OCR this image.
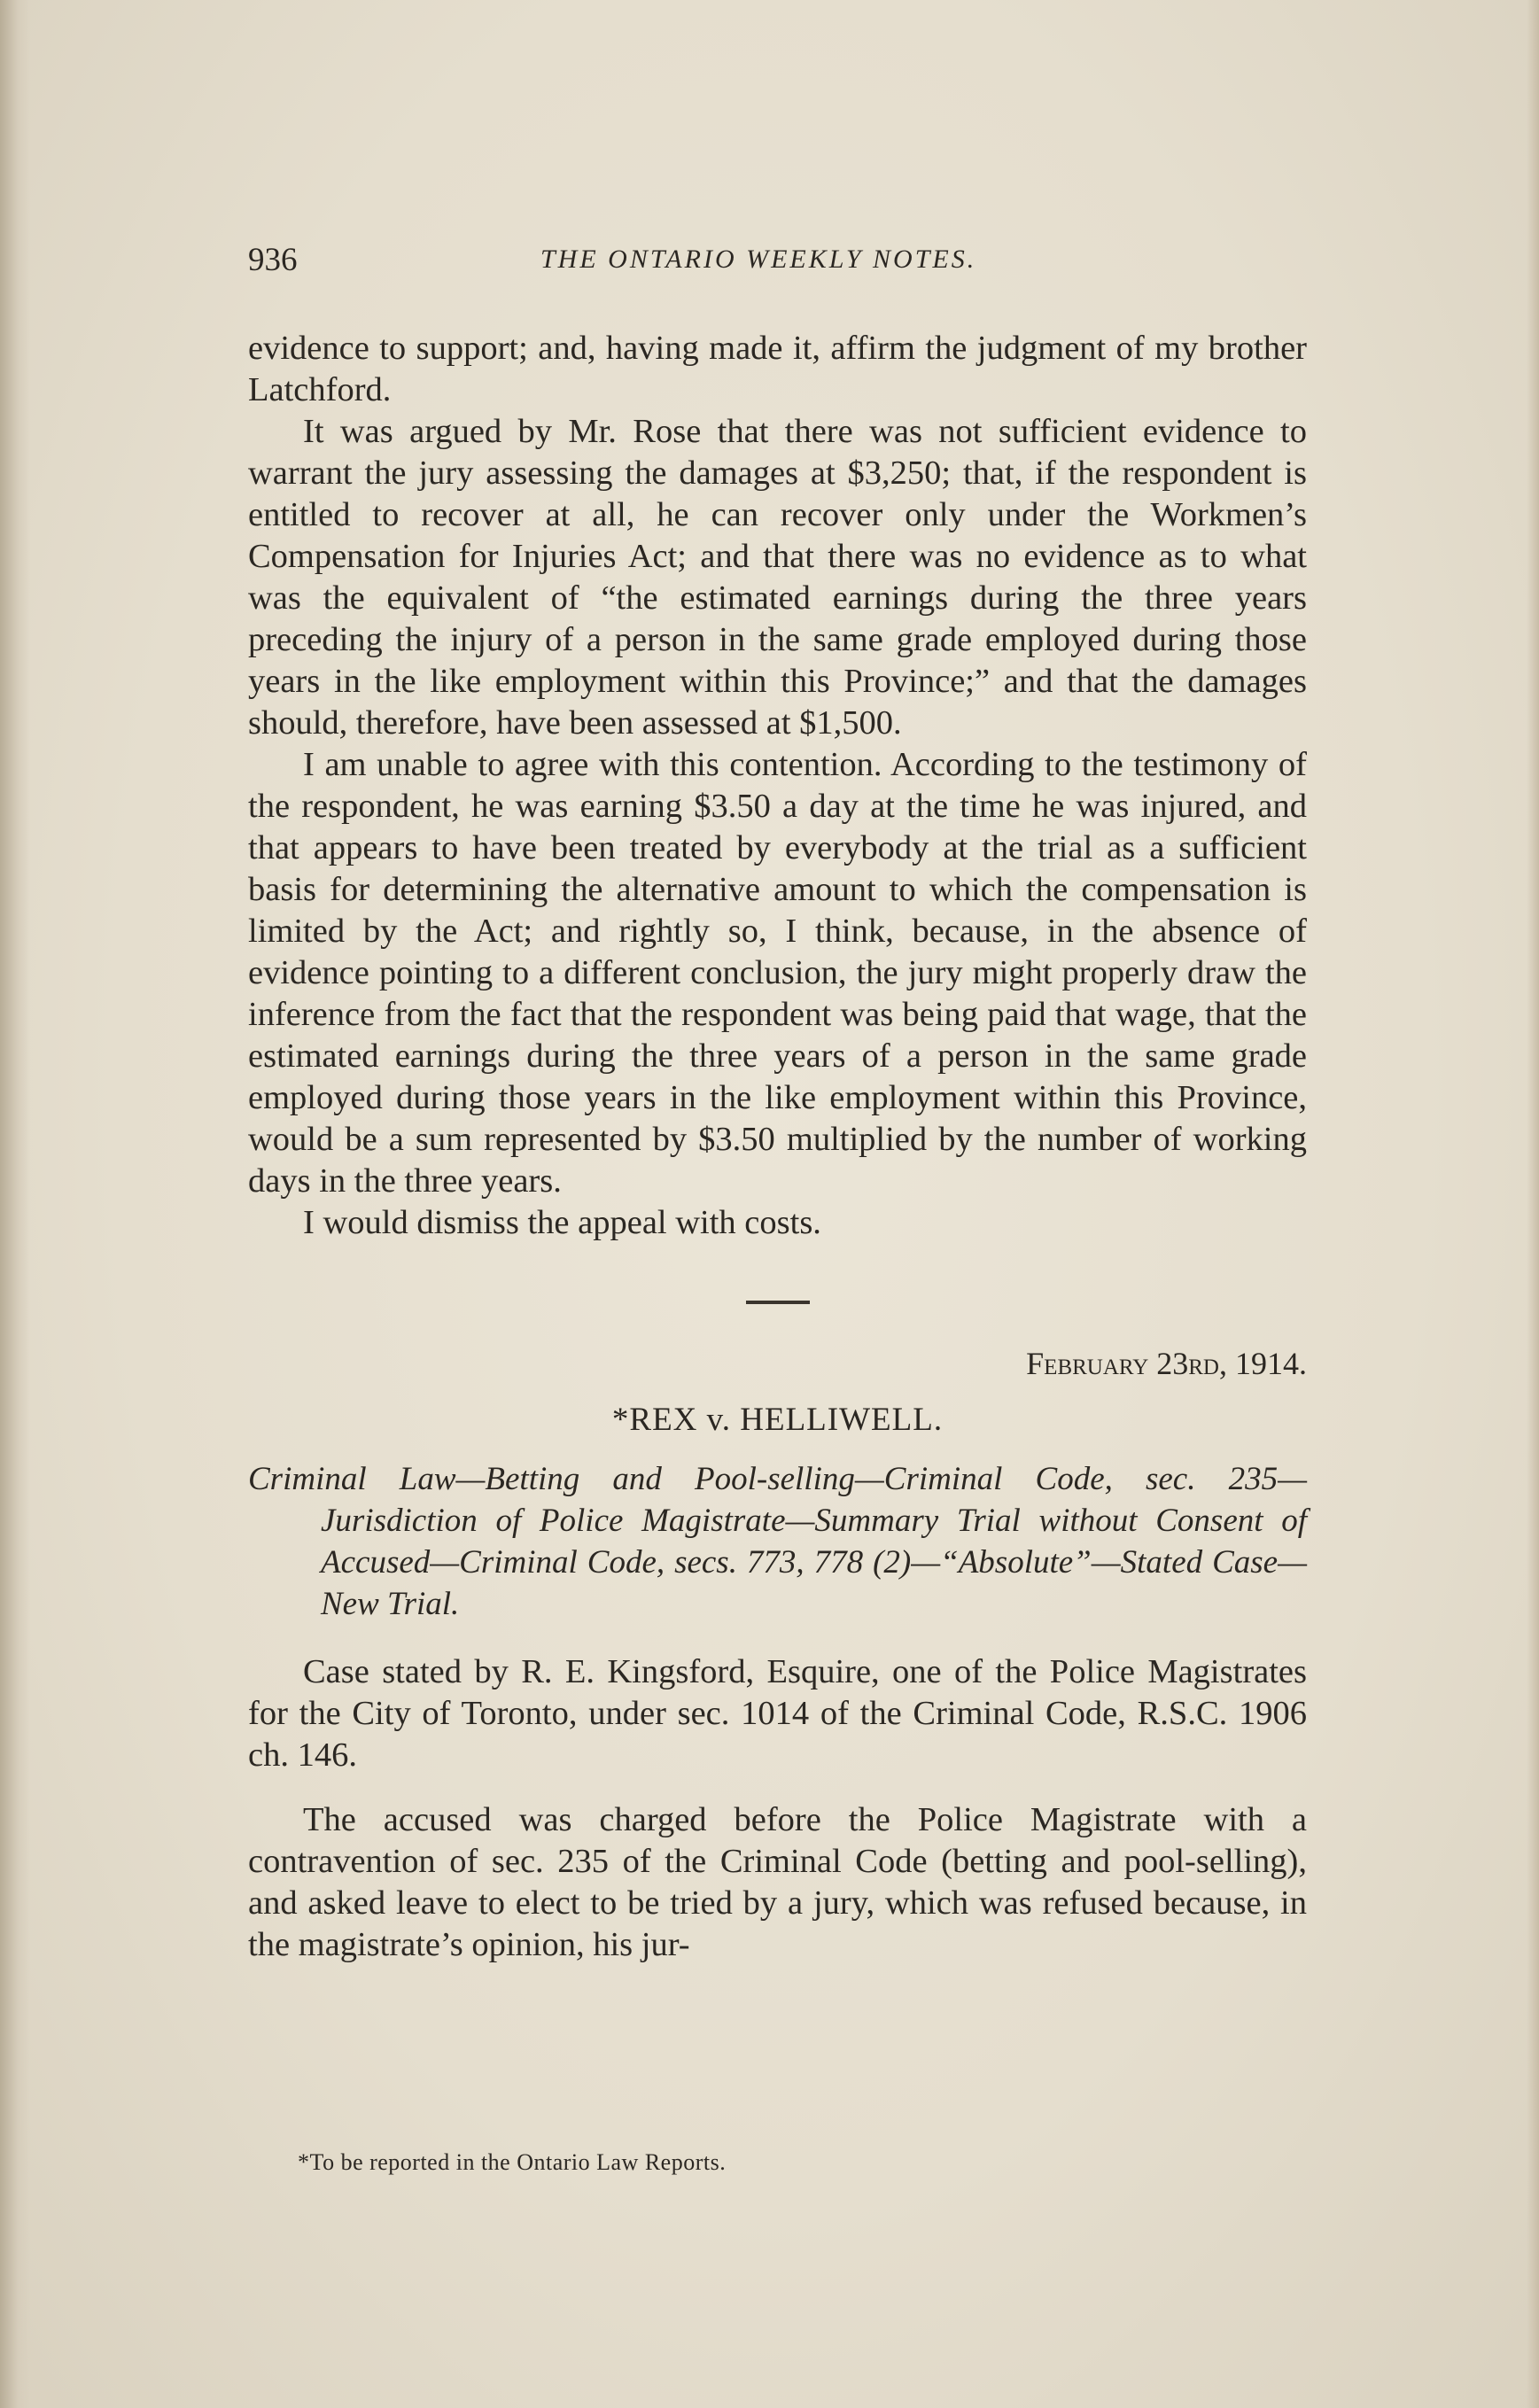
936	THE ONTARIO WEEKLY NOTES.

evidence to support; and, having made it, affirm the judgment of my brother Latchford.

It was argued by Mr. Rose that there was not sufficient evidence to warrant the jury assessing the damages at $3,250; that, if the respondent is entitled to recover at all, he can recover only under the Workmen’s Compensation for Injuries Act; and that there was no evidence as to what was the equivalent of “the estimated earnings during the three years preceding the injury of a person in the same grade employed during those years in the like employment within this Province;” and that the damages should, therefore, have been assessed at $1,500.

I am unable to agree with this contention. According to the testimony of the respondent, he was earning $3.50 a day at the time he was injured, and that appears to have been treated by everybody at the trial as a sufficient basis for determining the alternative amount to which the compensation is limited by the Act; and rightly so, I think, because, in the absence of evidence pointing to a different conclusion, the jury might properly draw the inference from the fact that the respondent was being paid that wage, that the estimated earnings during the three years of a person in the same grade employed during those years in the like employment within this Province, would be a sum represented by $3.50 multiplied by the number of working days in the three years.

I would dismiss the appeal with costs.

February 23rd, 1914.
*REX v. HELLIWELL.
Criminal Law—Betting and Pool-selling—Criminal Code, sec. 235—Jurisdiction of Police Magistrate—Summary Trial without Consent of Accused—Criminal Code, secs. 773, 778 (2)—“Absolute”—Stated Case—New Trial.

Case stated by R. E. Kingsford, Esquire, one of the Police Magistrates for the City of Toronto, under sec. 1014 of the Criminal Code, R.S.C. 1906 ch. 146.

The accused was charged before the Police Magistrate with a contravention of sec. 235 of the Criminal Code (betting and pool-selling), and asked leave to elect to be tried by a jury, which was refused because, in the magistrate’s opinion, his jur-

*To be reported in the Ontario Law Reports.
